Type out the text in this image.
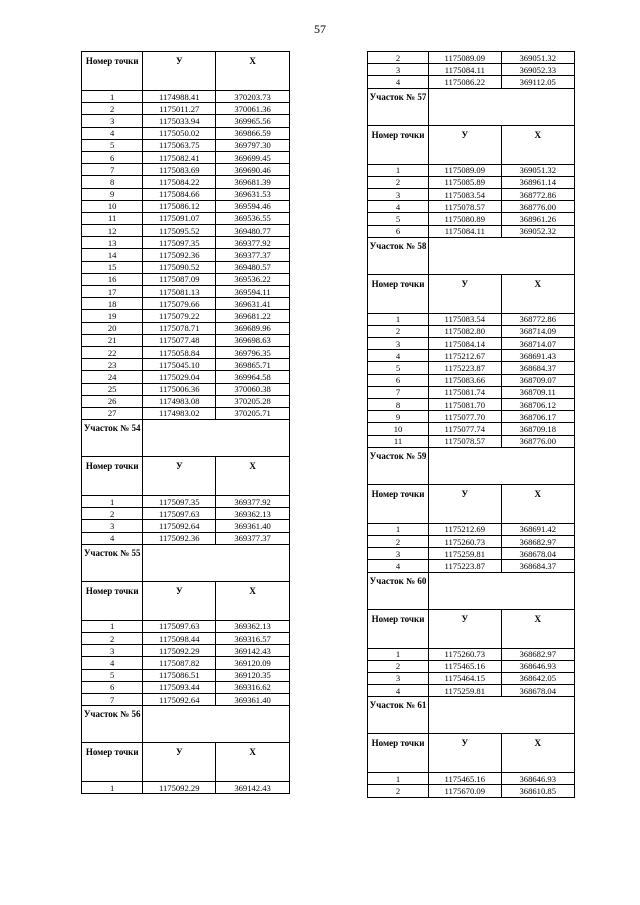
57
Номер точки	У	Х
1	1174988.41	370203.73
2	1175011.27	370061.36
3	1175033.94	369965.56
4	1175050.02	369866.59
5	1175063.75	369797.30
6	1175082.41	369699.45
7	1175083.69	369690.46
8	1175084.22	369681.39
9	1175084.66	369631.53
10	1175086.12	369594.46
11	1175091.07	369536.55
12	1175095.52	369480.77
13	1175097.35	369377.92
14	1175092.36	369377.37
15	1175090.52	369480.57
16	1175087.09	369536.22
17	1175081.13	369594.11
18	1175079.66	369631.41
19	1175079.22	369681.22
20	1175078.71	369689.96
21	1175077.48	369698.63
22	1175058.84	369796.35
23	1175045.10	369865.71
24	1175029.04	369964.58
25	1175006.36	370060.38
26	1174983.08	370205.28
27	1174983.02	370205.71
Участок № 54		
Номер точки	У	Х
1	1175097.35	369377.92
2	1175097.63	369362.13
3	1175092.64	369361.40
4	1175092.36	369377.37
Участок № 55		
Номер точки	У	Х
1	1175097.63	369362.13
2	1175098.44	369316.57
3	1175092.29	369142.43
4	1175087.82	369120.09
5	1175086.51	369120.35
6	1175093.44	369316.62
7	1175092.64	369361.40
Участок № 56		
Номер точки	У	Х
1	1175092.29	369142.43
2	1175089.09	369051.32
3	1175084.11	369052.33
4	1175086.22	369112.05
Участок № 57		
Номер точки	У	Х
1	1175089.09	369051.32
2	1175085.89	368961.14
3	1175083.54	368772.86
4	1175078.57	368776.00
5	1175080.89	368961.26
6	1175084.11	369052.32
Участок № 58		
Номер точки	У	Х
1	1175083.54	368772.86
2	1175082.80	368714.09
3	1175084.14	368714.07
4	1175212.67	368691.43
5	1175223.87	368684.37
6	1175083.66	368709.07
7	1175081.74	368709.11
8	1175081.70	368706.12
9	1175077.70	368706.17
10	1175077.74	368709.18
11	1175078.57	368776.00
Участок № 59		
Номер точки	У	Х
1	1175212.69	368691.42
2	1175260.73	368682.97
3	1175259.81	368678.04
4	1175223.87	368684.37
Участок № 60		
Номер точки	У	Х
1	1175260.73	368682.97
2	1175465.16	368646.93
3	1175464.15	368642.05
4	1175259.81	368678.04
Участок № 61		
Номер точки	У	Х
1	1175465.16	368646.93
2	1175670.09	368610.85
